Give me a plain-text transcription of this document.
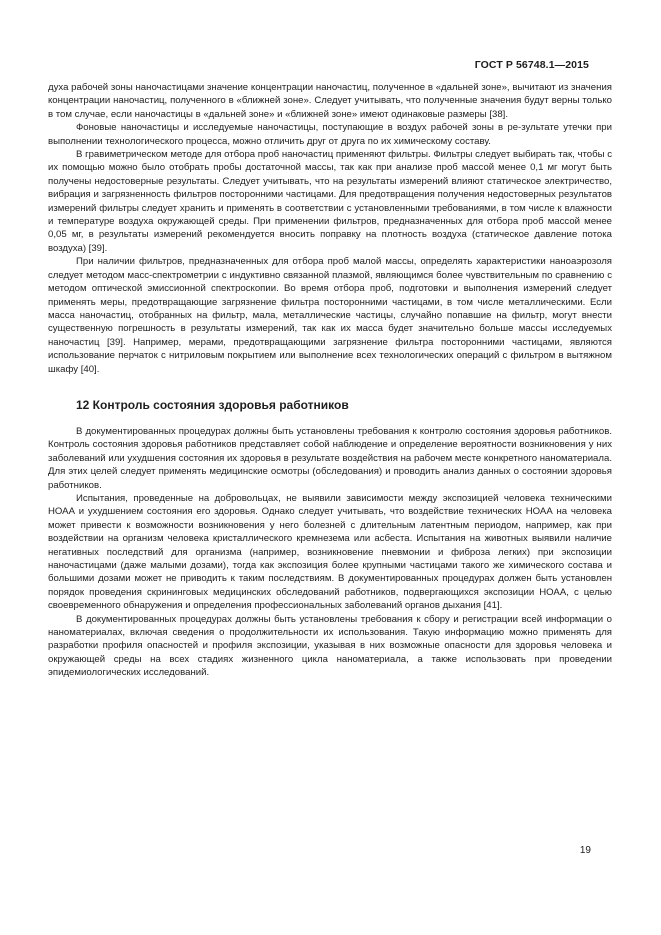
ГОСТ Р 56748.1—2015

духа рабочей зоны наночастицами значение концентрации наночастиц, полученное в «дальней зоне», вычитают из значения концентрации наночастиц, полученного в «ближней зоне». Следует учитывать, что полученные значения будут верны только в том случае, если наночастицы в «дальней зоне» и «ближней зоне» имеют одинаковые размеры [38].

Фоновые наночастицы и исследуемые наночастицы, поступающие в воздух рабочей зоны в ре-зультате утечки при выполнении технологического процесса, можно отличить друг от друга по их химическому составу.

В гравиметрическом методе для отбора проб наночастиц применяют фильтры. Фильтры следует выбирать так, чтобы с их помощью можно было отобрать пробы достаточной массы, так как при анализе проб массой менее 0,1 мг могут быть получены недостоверные результаты. Следует учитывать, что на результаты измерений влияют статическое электричество, вибрация и загрязненность фильтров посторонними частицами. Для предотвращения получения недостоверных результатов измерений фильтры следует хранить и применять в соответствии с установленными требованиями, в том числе к влажности и температуре воздуха окружающей среды. При применении фильтров, предназначенных для отбора проб массой менее 0,05 мг, в результаты измерений рекомендуется вносить поправку на плотность воздуха (статическое давление потока воздуха) [39].

При наличии фильтров, предназначенных для отбора проб малой массы, определять характеристики наноаэрозоля следует методом масс-спектрометрии с индуктивно связанной плазмой, являющимся более чувствительным по сравнению с методом оптической эмиссионной спектроскопии. Во время отбора проб, подготовки и выполнения измерений следует применять меры, предотвращающие загрязнение фильтра посторонними частицами, в том числе металлическими. Если масса наночастиц, отобранных на фильтр, мала, металлические частицы, случайно попавшие на фильтр, могут внести существенную погрешность в результаты измерений, так как их масса будет значительно больше массы исследуемых наночастиц [39]. Например, мерами, предотвращающими загрязнение фильтра посторонними частицами, являются использование перчаток с нитриловым покрытием или выполнение всех технологических операций с фильтром в вытяжном шкафу [40].

12 Контроль состояния здоровья работников

В документированных процедурах должны быть установлены требования к контролю состояния здоровья работников. Контроль состояния здоровья работников представляет собой наблюдение и определение вероятности возникновения у них заболеваний или ухудшения состояния их здоровья в результате воздействия на рабочем месте конкретного наноматериала. Для этих целей следует применять медицинские осмотры (обследования) и проводить анализ данных о состоянии здоровья работников.

Испытания, проведенные на добровольцах, не выявили зависимости между экспозицией человека техническими НОАА и ухудшением состояния его здоровья. Однако следует учитывать, что воздействие технических НОАА на человека может привести к возможности возникновения у него болезней с длительным латентным периодом, например, как при воздействии на организм человека кристаллического кремнезема или асбеста. Испытания на животных выявили наличие негативных последствий для организма (например, возникновение пневмонии и фиброза легких) при экспозиции наночастицами (даже малыми дозами), тогда как экспозиция более крупными частицами такого же химического состава и большими дозами может не приводить к таким последствиям. В документированных процедурах должен быть установлен порядок проведения скрининговых медицинских обследований работников, подвергающихся экспозиции НОАА, с целью своевременного обнаружения и определения профессиональных заболеваний органов дыхания [41].

В документированных процедурах должны быть установлены требования к сбору и регистрации всей информации о наноматериалах, включая сведения о продолжительности их использования. Такую информацию можно применять для разработки профиля опасностей и профиля экспозиции, указывая в них возможные опасности для здоровья человека и окружающей среды на всех стадиях жизненного цикла наноматериала, а также использовать при проведении эпидемиологических исследований.

19
